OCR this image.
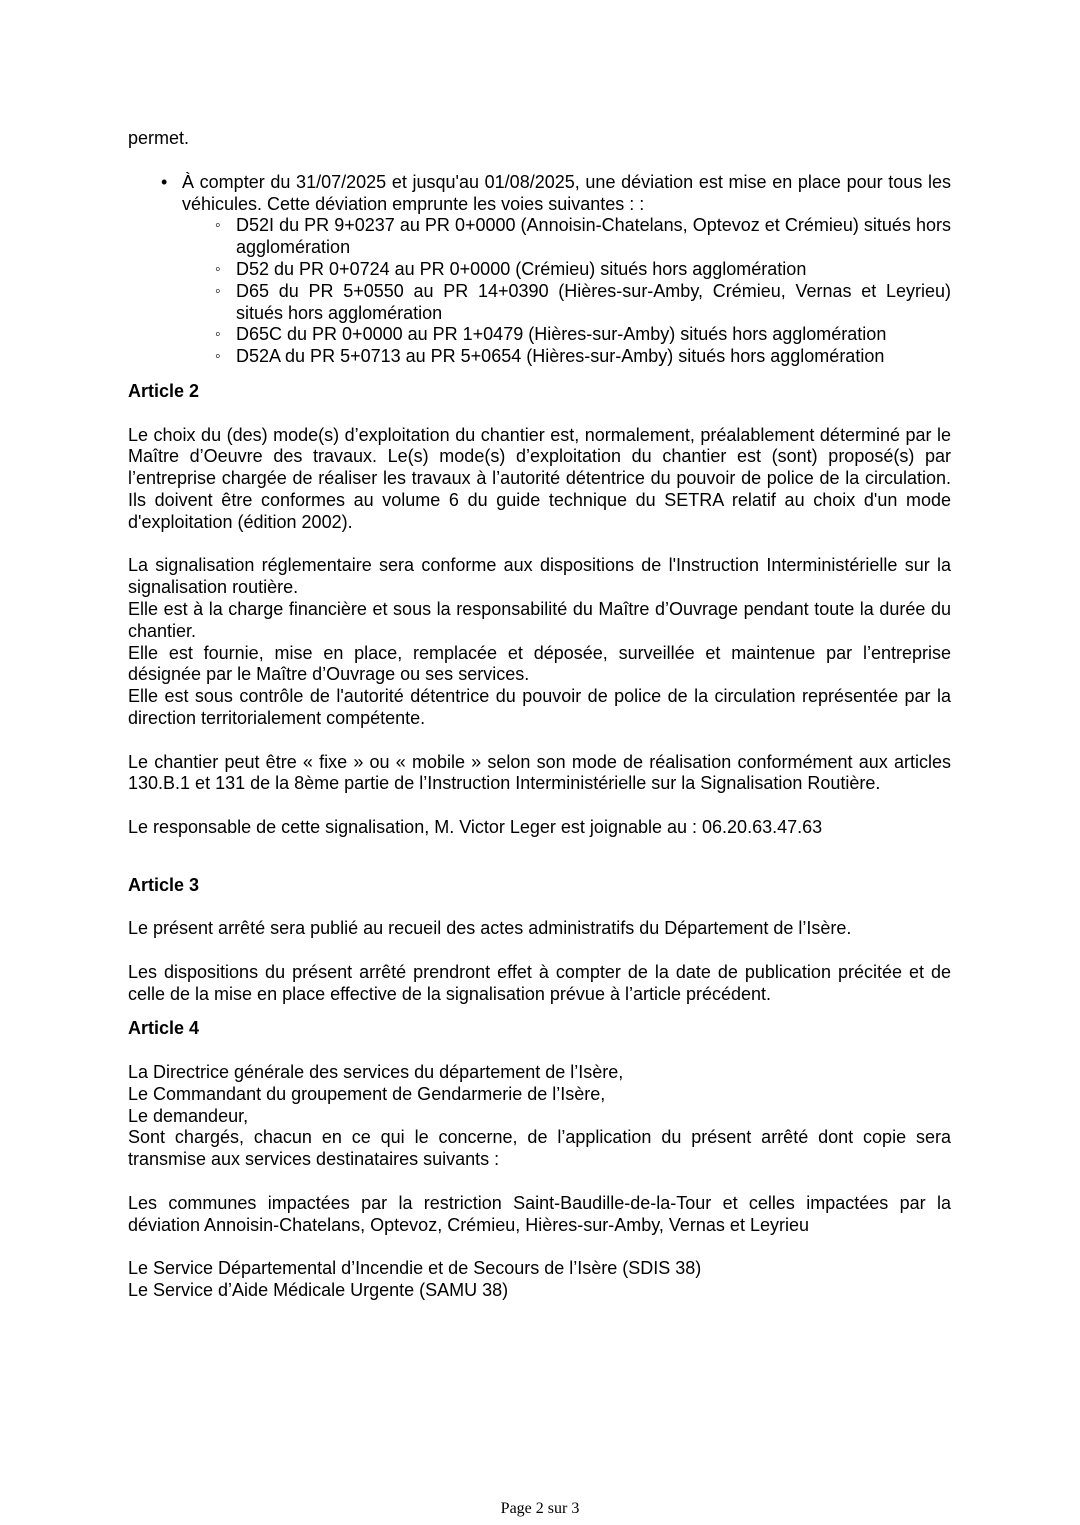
permet.

• À compter du 31/07/2025 et jusqu'au 01/08/2025, une déviation est mise en place pour tous les véhicules. Cette déviation emprunte les voies suivantes : :
◦ D52I du PR 9+0237 au PR 0+0000 (Annoisin-Chatelans, Optevoz et Crémieu) situés hors agglomération
◦ D52 du PR 0+0724 au PR 0+0000 (Crémieu) situés hors agglomération
◦ D65 du PR 5+0550 au PR 14+0390 (Hières-sur-Amby, Crémieu, Vernas et Leyrieu) situés hors agglomération
◦ D65C du PR 0+0000 au PR 1+0479 (Hières-sur-Amby) situés hors agglomération
◦ D52A du PR 5+0713 au PR 5+0654 (Hières-sur-Amby) situés hors agglomération

Article 2

Le choix du (des) mode(s) d’exploitation du chantier est, normalement, préalablement déterminé par le Maître d’Oeuvre des travaux. Le(s) mode(s) d’exploitation du chantier est (sont) proposé(s) par l’entreprise chargée de réaliser les travaux à l’autorité détentrice du pouvoir de police de la circulation. Ils doivent être conformes au volume 6 du guide technique du SETRA relatif au choix d'un mode d'exploitation (édition 2002).

La signalisation réglementaire sera conforme aux dispositions de l'Instruction Interministérielle sur la signalisation routière.

Elle est à la charge financière et sous la responsabilité du Maître d’Ouvrage pendant toute la durée du chantier.

Elle est fournie, mise en place, remplacée et déposée, surveillée et maintenue par l’entreprise désignée par le Maître d’Ouvrage ou ses services.

Elle est sous contrôle de l'autorité détentrice du pouvoir de police de la circulation représentée par la direction territorialement compétente.

Le chantier peut être « fixe » ou « mobile » selon son mode de réalisation conformément aux articles 130.B.1 et 131 de la 8ème partie de l’Instruction Interministérielle sur la Signalisation Routière.

Le responsable de cette signalisation, M. Victor Leger est joignable au : 06.20.63.47.63

Article 3

Le présent arrêté sera publié au recueil des actes administratifs du Département de l’Isère.

Les dispositions du présent arrêté prendront effet à compter de la date de publication précitée et de celle de la mise en place effective de la signalisation prévue à l’article précédent.

Article 4

La Directrice générale des services du département de l’Isère,

Le Commandant du groupement de Gendarmerie de l’Isère,

Le demandeur,

Sont chargés, chacun en ce qui le concerne, de l’application du présent arrêté dont copie sera transmise aux services destinataires suivants :

Les communes impactées par la restriction Saint-Baudille-de-la-Tour et celles impactées par la déviation Annoisin-Chatelans, Optevoz, Crémieu, Hières-sur-Amby, Vernas et Leyrieu

Le Service Départemental d’Incendie et de Secours de l’Isère (SDIS 38)

Le Service d’Aide Médicale Urgente (SAMU 38)

Page 2 sur 3
